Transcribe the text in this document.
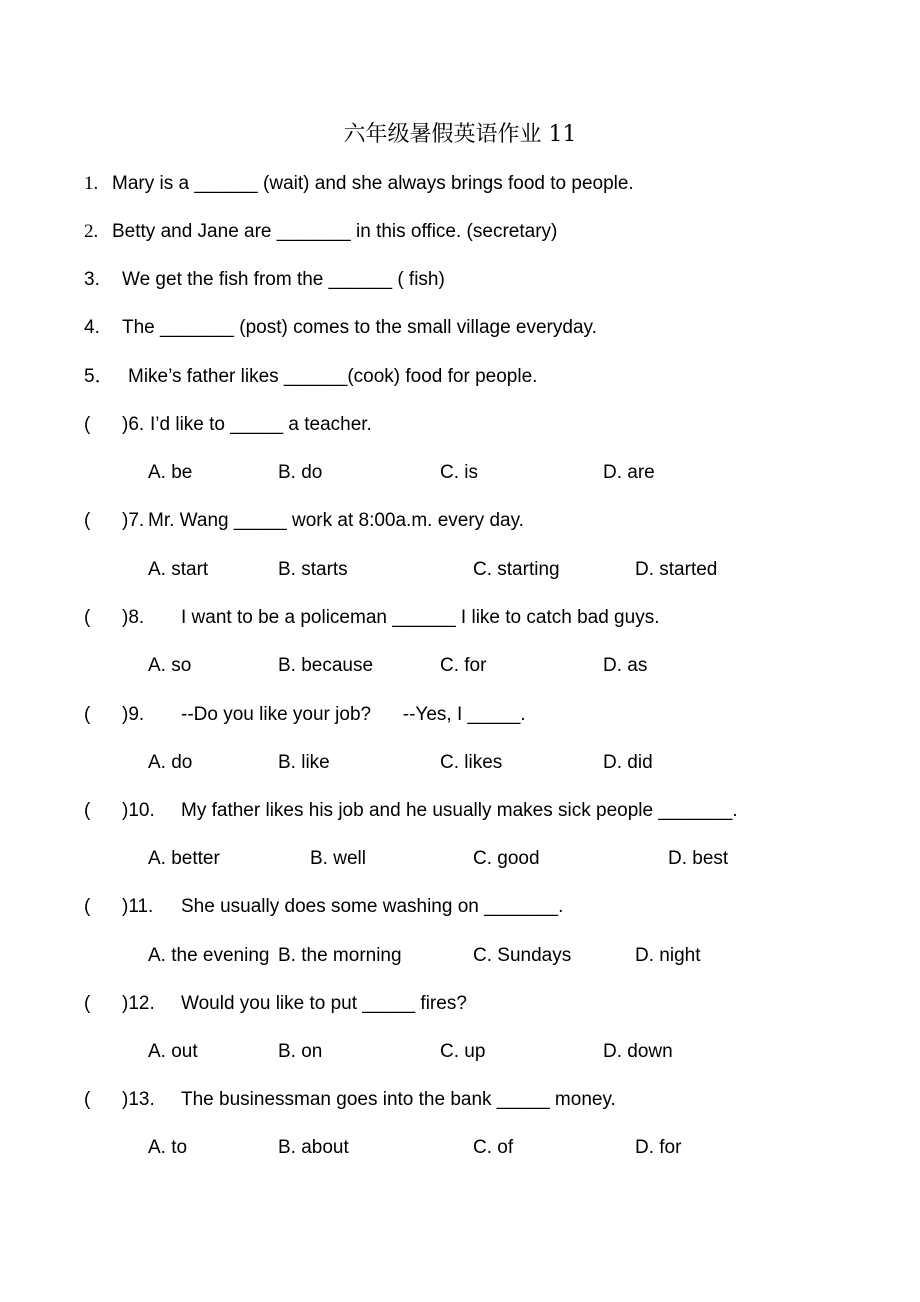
六年级暑假英语作业 11
1. Mary is a ______ (wait) and she always brings food to people.
2. Betty and Jane are _______ in this office. (secretary)
3. We get the fish from the ______ ( fish)
4. The _______ (post) comes to the small village everyday.
5． Mike’s father likes ______(cook) food for people.
( )6. I’d like to _____ a teacher.
A. be	B. do	C. is	D. are
( )7. Mr. Wang _____ work at 8:00a.m. every day.
A. start	B. starts	C. starting	D. started
( )8. I want to be a policeman ______ I like to catch bad guys.
A. so	B. because	C. for	D. as
( )9. --Do you like your job?      --Yes, I _____.
A. do	B. like	C. likes	D. did
( )10. My father likes his job and he usually makes sick people _______.
A. better	B. well	C. good	D. best
( )11. She usually does some washing on _______.
A. the evening B. the morning	C. Sundays	D. night
( )12. Would you like to put _____ fires?
A. out	B. on	C. up	D. down
( )13. The businessman goes into the bank _____ money.
A. to	B. about	C. of	D. for
